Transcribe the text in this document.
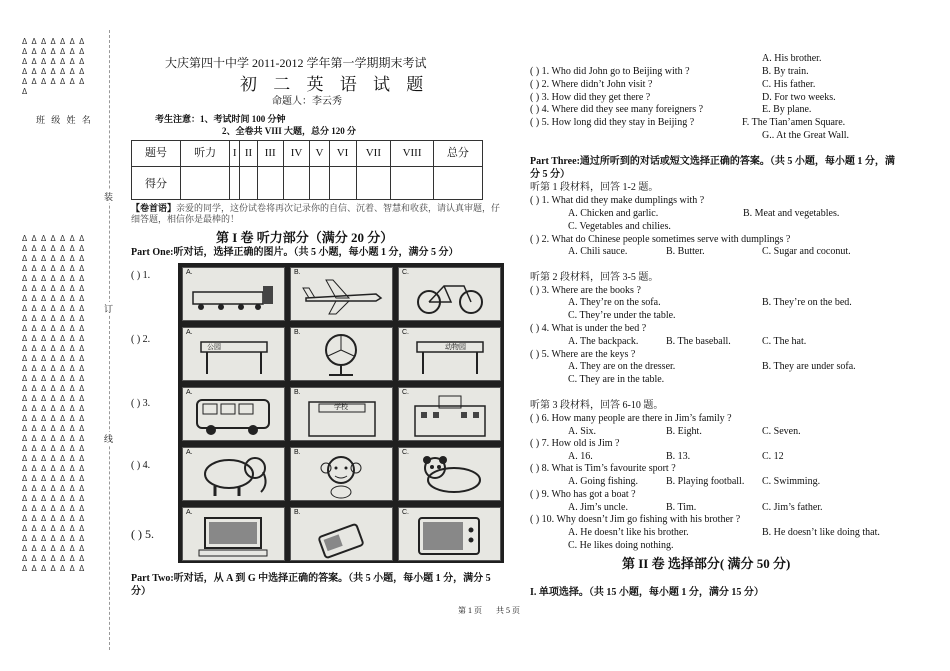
Δ Δ Δ Δ Δ Δ Δ
Δ Δ Δ Δ Δ Δ Δ
Δ Δ Δ Δ Δ Δ Δ
Δ Δ Δ Δ Δ Δ Δ
Δ Δ Δ Δ Δ Δ Δ
Δ
班 级 姓 名
Δ Δ Δ Δ Δ Δ Δ
Δ Δ Δ Δ Δ Δ Δ
Δ Δ Δ Δ Δ Δ Δ
Δ Δ Δ Δ Δ Δ Δ
Δ Δ Δ Δ Δ Δ Δ
Δ Δ Δ Δ Δ Δ Δ
Δ Δ Δ Δ Δ Δ Δ
Δ Δ Δ Δ Δ Δ Δ
Δ Δ Δ Δ Δ Δ Δ
Δ Δ Δ Δ Δ Δ Δ
Δ Δ Δ Δ Δ Δ Δ
Δ Δ Δ Δ Δ Δ Δ
Δ Δ Δ Δ Δ Δ Δ
Δ Δ Δ Δ Δ Δ Δ
Δ Δ Δ Δ Δ Δ Δ
Δ Δ Δ Δ Δ Δ Δ
Δ Δ Δ Δ Δ Δ Δ
Δ Δ Δ Δ Δ Δ Δ
Δ Δ Δ Δ Δ Δ Δ
Δ Δ Δ Δ Δ Δ Δ
Δ Δ Δ Δ Δ Δ Δ
Δ Δ Δ Δ Δ Δ Δ
Δ Δ Δ Δ Δ Δ Δ
Δ Δ Δ Δ Δ Δ Δ
Δ Δ Δ Δ Δ Δ Δ
Δ Δ Δ Δ Δ Δ Δ
Δ Δ Δ Δ Δ Δ Δ
Δ Δ Δ Δ Δ Δ Δ
Δ Δ Δ Δ Δ Δ Δ
Δ Δ Δ Δ Δ Δ Δ
Δ Δ Δ Δ Δ Δ Δ
Δ Δ Δ Δ Δ Δ Δ
Δ Δ Δ Δ Δ Δ Δ
Δ Δ Δ Δ Δ Δ Δ
装
订
线
大庆第四十中学 2011-2012 学年第一学期期末考试
初 二 英 语 试 题
命题人：李云秀
考生注意：1、考试时间 100 分钟
2、全卷共 VIII 大题，总分 120 分
题号	听力	I	II	III	IV	V	VI	VII	VIII	总分
得分										
【卷首语】亲爱的同学，这份试卷将再次记录你的自信、沉着、智慧和收获，请认真审题，仔细答题，相信你是最棒的！
第 I 卷 听力部分（满分 20 分）
Part One:听对话，选择正确的图片。（共 5 小题，每小题 1 分，满分 5 分）
( ) 1.
( ) 2.
( ) 3.
( ) 4.
( ) 5.
A.	B.	C.
A.
公园
B.	C.
动物园
A.	B.
学校
C.
A.	B.	C.
A.	B.	C.
Part Two:听对话，从 A 到 G 中选择正确的答案。（共 5 小题，每小题 1 分，满分 5 分）
A. His brother.
( ) 1. Who did John go to Beijing with ?	B. By train.
( ) 2. Where didn’t John visit ?	C. His father.
( ) 3. How did they get there ?	D. For two weeks.
( ) 4. Where did they see many foreigners ?	E. By plane.
( ) 5. How long did they stay in Beijing ?	F. The Tian’amen Square.
G.. At the Great Wall.
Part Three:通过所听到的对话或短文选择正确的答案。（共 5 小题，每小题 1 分，满分 5 分）
听第 1 段材料，回答 1-2 题。
( ) 1. What did they make dumplings with ?
A. Chicken and garlic.	B. Meat and vegetables.
C. Vegetables and chilies.
( ) 2. What do Chinese people sometimes serve with dumplings ?
A. Chili sauce.	B. Butter.	C. Sugar and coconut.
听第 2 段材料，回答 3-5 题。
( ) 3. Where are the books ?
A. They’re on the sofa.	B. They’re on the bed.
C. They’re under the table.
( ) 4. What is under the bed ?
A. The backpack.	B. The baseball.	C. The hat.
( ) 5. Where are the keys ?
A. They are on the dresser.	B. They are under sofa.
C. They are in the table.
听第 3 段材料，回答 6-10 题。
( ) 6. How many people are there in Jim’s family ?
A. Six.	B. Eight.	C. Seven.
( ) 7. How old is Jim ?
A. 16.	B. 13.	C. 12
( ) 8. What is Tim’s favourite sport ?
A. Going fishing.	B. Playing football. C. Swimming.
( ) 9. Who has got a boat ?
A. Jim’s uncle.	B. Tim.	C. Jim’s father.
( ) 10. Why doesn’t Jim go fishing with his brother ?
A. He doesn’t like his brother.	B. He doesn’t like doing that.
C. He likes doing nothing.
第 II 卷 选择部分( 满分 50 分)
I. 单项选择。（共 15 小题，每小题 1 分，满分 15 分）
第 1 页 共 5 页
